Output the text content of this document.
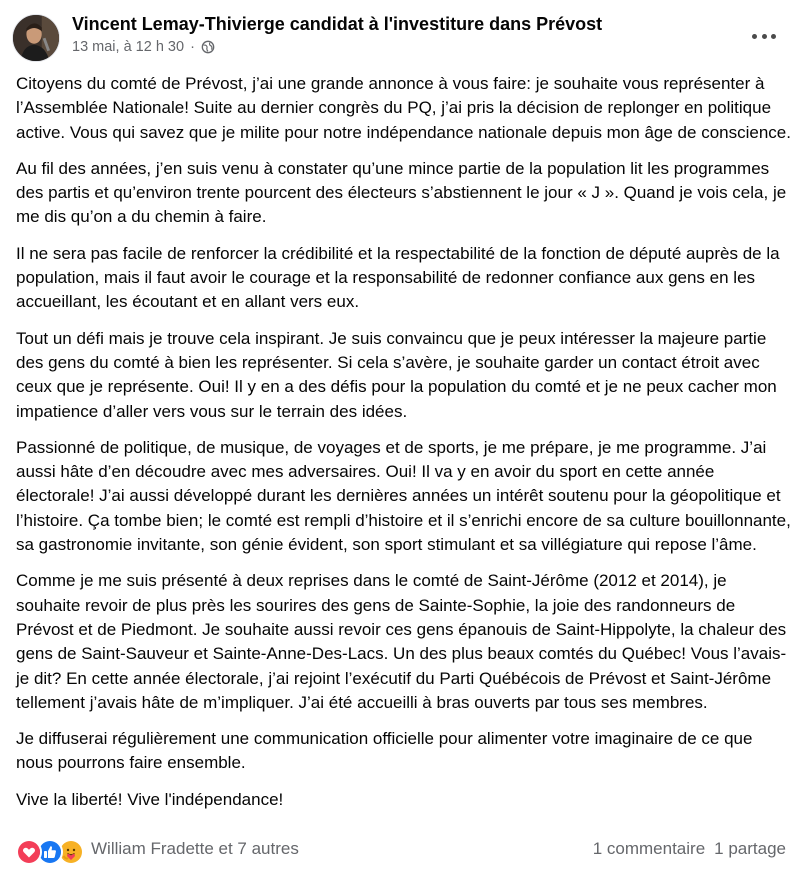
Vincent Lemay-Thivierge candidat à l'investiture dans Prévost
13 mai, à 12 h 30 ·

Citoyens du comté de Prévost, j’ai une grande annonce à vous faire: je souhaite vous représenter à l’Assemblée Nationale! Suite au dernier congrès du PQ, j’ai pris la décision de replonger en politique active. Vous qui savez que je milite pour notre indépendance nationale depuis mon âge de conscience.

Au fil des années, j’en suis venu à constater qu’une mince partie de la population lit les programmes des partis et qu’environ trente pourcent des électeurs s’abstiennent le jour « J ». Quand je vois cela, je me dis qu’on a du chemin à faire.

Il ne sera pas facile de renforcer la crédibilité et la respectabilité de la fonction de député auprès de la population, mais il faut avoir le courage et la responsabilité de redonner confiance aux gens en les accueillant, les écoutant et en allant vers eux.

Tout un défi mais je trouve cela inspirant. Je suis convaincu que je peux intéresser la majeure partie des gens du comté à bien les représenter. Si cela s’avère, je souhaite garder un contact étroit avec ceux que je représente. Oui! Il y en a des défis pour la population du comté et je ne peux cacher mon impatience d’aller vers vous sur le terrain des idées.

Passionné de politique, de musique, de voyages et de sports, je me prépare, je me programme. J’ai aussi hâte d’en découdre avec mes adversaires. Oui! Il va y en avoir du sport en cette année électorale! J’ai aussi développé durant les dernières années un intérêt soutenu pour la géopolitique et l’histoire. Ça tombe bien; le comté est rempli d’histoire et il s’enrichi encore de sa culture bouillonnante, sa gastronomie invitante, son génie évident, son sport stimulant et sa villégiature qui repose l’âme.

Comme je me suis présenté à deux reprises dans le comté de Saint-Jérôme (2012 et 2014), je souhaite revoir de plus près les sourires des gens de Sainte-Sophie, la joie des randonneurs de Prévost et de Piedmont. Je souhaite aussi revoir ces gens épanouis de Saint-Hippolyte, la chaleur des gens de Saint-Sauveur et Sainte-Anne-Des-Lacs. Un des plus beaux comtés du Québec! Vous l’avais-je dit? En cette année électorale, j’ai rejoint l’exécutif du Parti Québécois de Prévost et Saint-Jérôme tellement j’avais hâte de m’impliquer. J’ai été accueilli à bras ouverts par tous ses membres.

Je diffuserai régulièrement une communication officielle pour alimenter votre imaginaire de ce que nous pourrons faire ensemble.

Vive la liberté! Vive l'indépendance!

William Fradette et 7 autres	1 commentaire 1 partage
